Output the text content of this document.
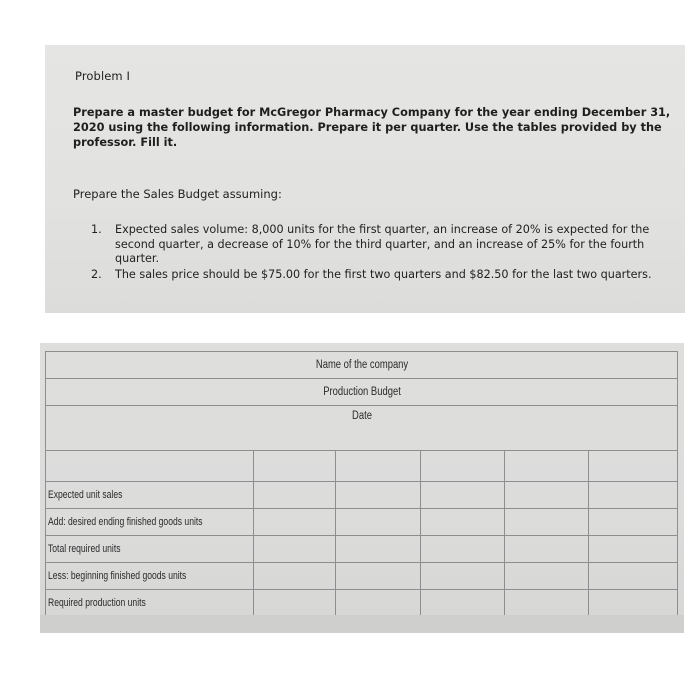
Problem I
Prepare a master budget for McGregor Pharmacy Company for the year ending December 31, 2020 using the following information. Prepare it per quarter. Use the tables provided by the professor. Fill it.
Prepare the Sales Budget assuming:
1. Expected sales volume: 8,000 units for the first quarter, an increase of 20% is expected for the second quarter, a decrease of 10% for the third quarter, and an increase of 25% for the fourth quarter.
2. The sales price should be $75.00 for the first two quarters and $82.50 for the last two quarters.
Name of the company					
Production Budget					
Date					

Expected unit sales					
Add: desired ending finished goods units					
Total required units					
Less: beginning finished goods units					
Required production units					
